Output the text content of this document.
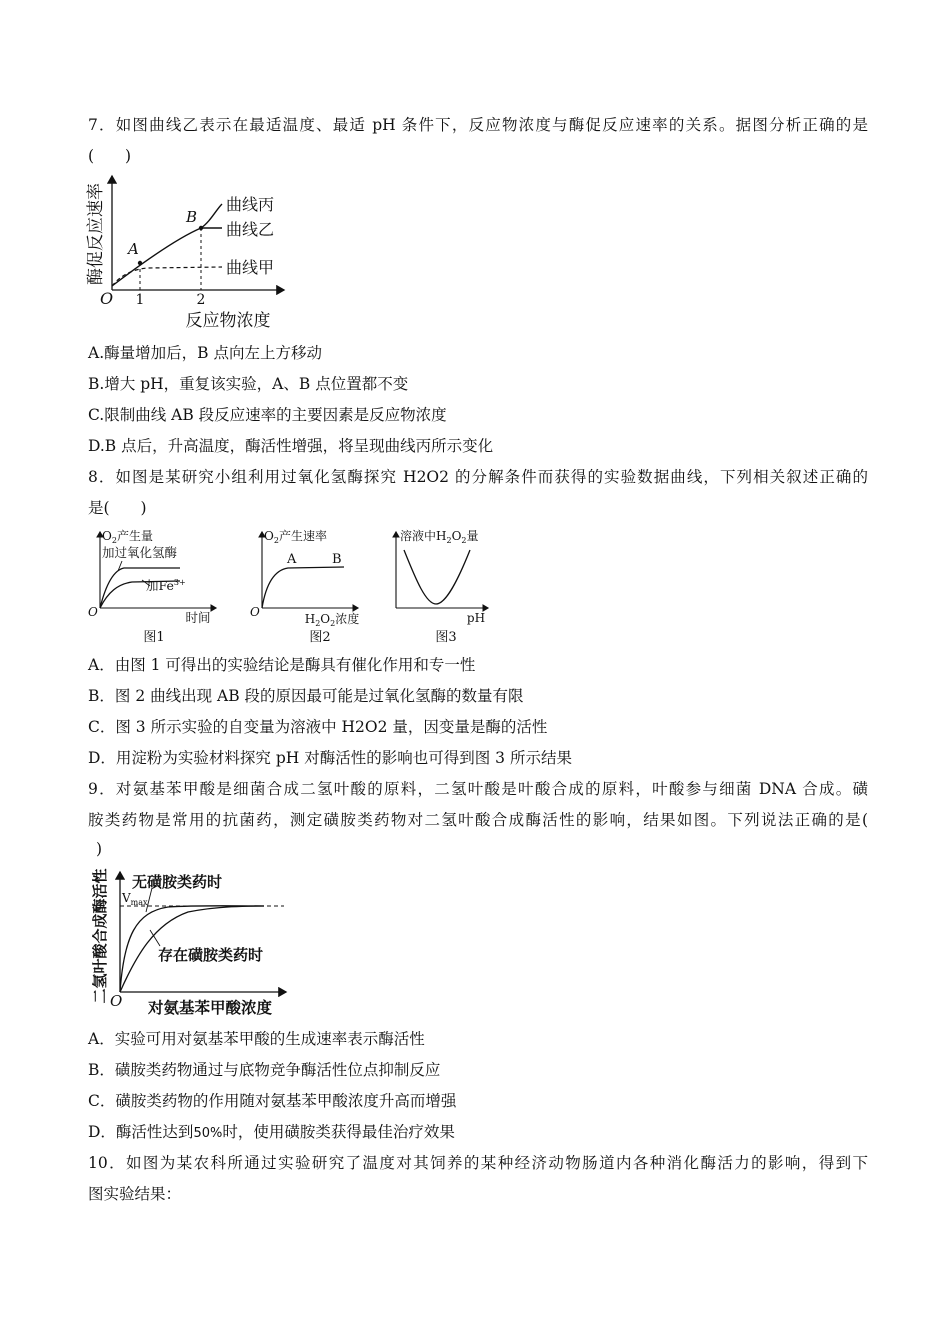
7．如图曲线乙表示在最适温度、最适 pH 条件下，反应物浓度与酶促反应速率的关系。据图分析正确的是
(　　)
酶促反应速率
O 1	2
反应物浓度
A
B
曲线丙
曲线乙
曲线甲
A.酶量增加后，B 点向左上方移动
B.增大 pH，重复该实验，A、B 点位置都不变
C.限制曲线 AB 段反应速率的主要因素是反应物浓度
D.B 点后，升高温度，酶活性增强，将呈现曲线丙所示变化
8．如图是某研究小组利用过氧化氢酶探究 H2O2 的分解条件而获得的实验数据曲线，下列相关叙述正确的
是(　　)
$O_2$产生量
加过氧化氢酶
加$Fe^{3+}$
O	时间
图1
$O_2$产生速率
A	B
O	$H_2O_2$浓度
图2
溶液中$H_2O_2$量
pH
图3
A．由图 1 可得出的实验结论是酶具有催化作用和专一性
B．图 2 曲线出现 AB 段的原因最可能是过氧化氢酶的数量有限
C．图 3 所示实验的自变量为溶液中 H2O2 量，因变量是酶的活性
D．用淀粉为实验材料探究 pH 对酶活性的影响也可得到图 3 所示结果
9．对氨基苯甲酸是细菌合成二氢叶酸的原料，二氢叶酸是叶酸合成的原料，叶酸参与细菌 DNA 合成。磺
胺类药物是常用的抗菌药，测定磺胺类药物对二氢叶酸合成酶活性的影响，结果如图。下列说法正确的是(
)
二氢叶酸合成酶活性 O 对氨基苯甲酸浓度
$V_{max}$
无磺胺类药时
存在磺胺类药时
A．实验可用对氨基苯甲酸的生成速率表示酶活性
B．磺胺类药物通过与底物竞争酶活性位点抑制反应
C．磺胺类药物的作用随对氨基苯甲酸浓度升高而增强
D．酶活性达到50%时，使用磺胺类获得最佳治疗效果
10．如图为某农科所通过实验研究了温度对其饲养的某种经济动物肠道内各种消化酶活力的影响，得到下
图实验结果：
